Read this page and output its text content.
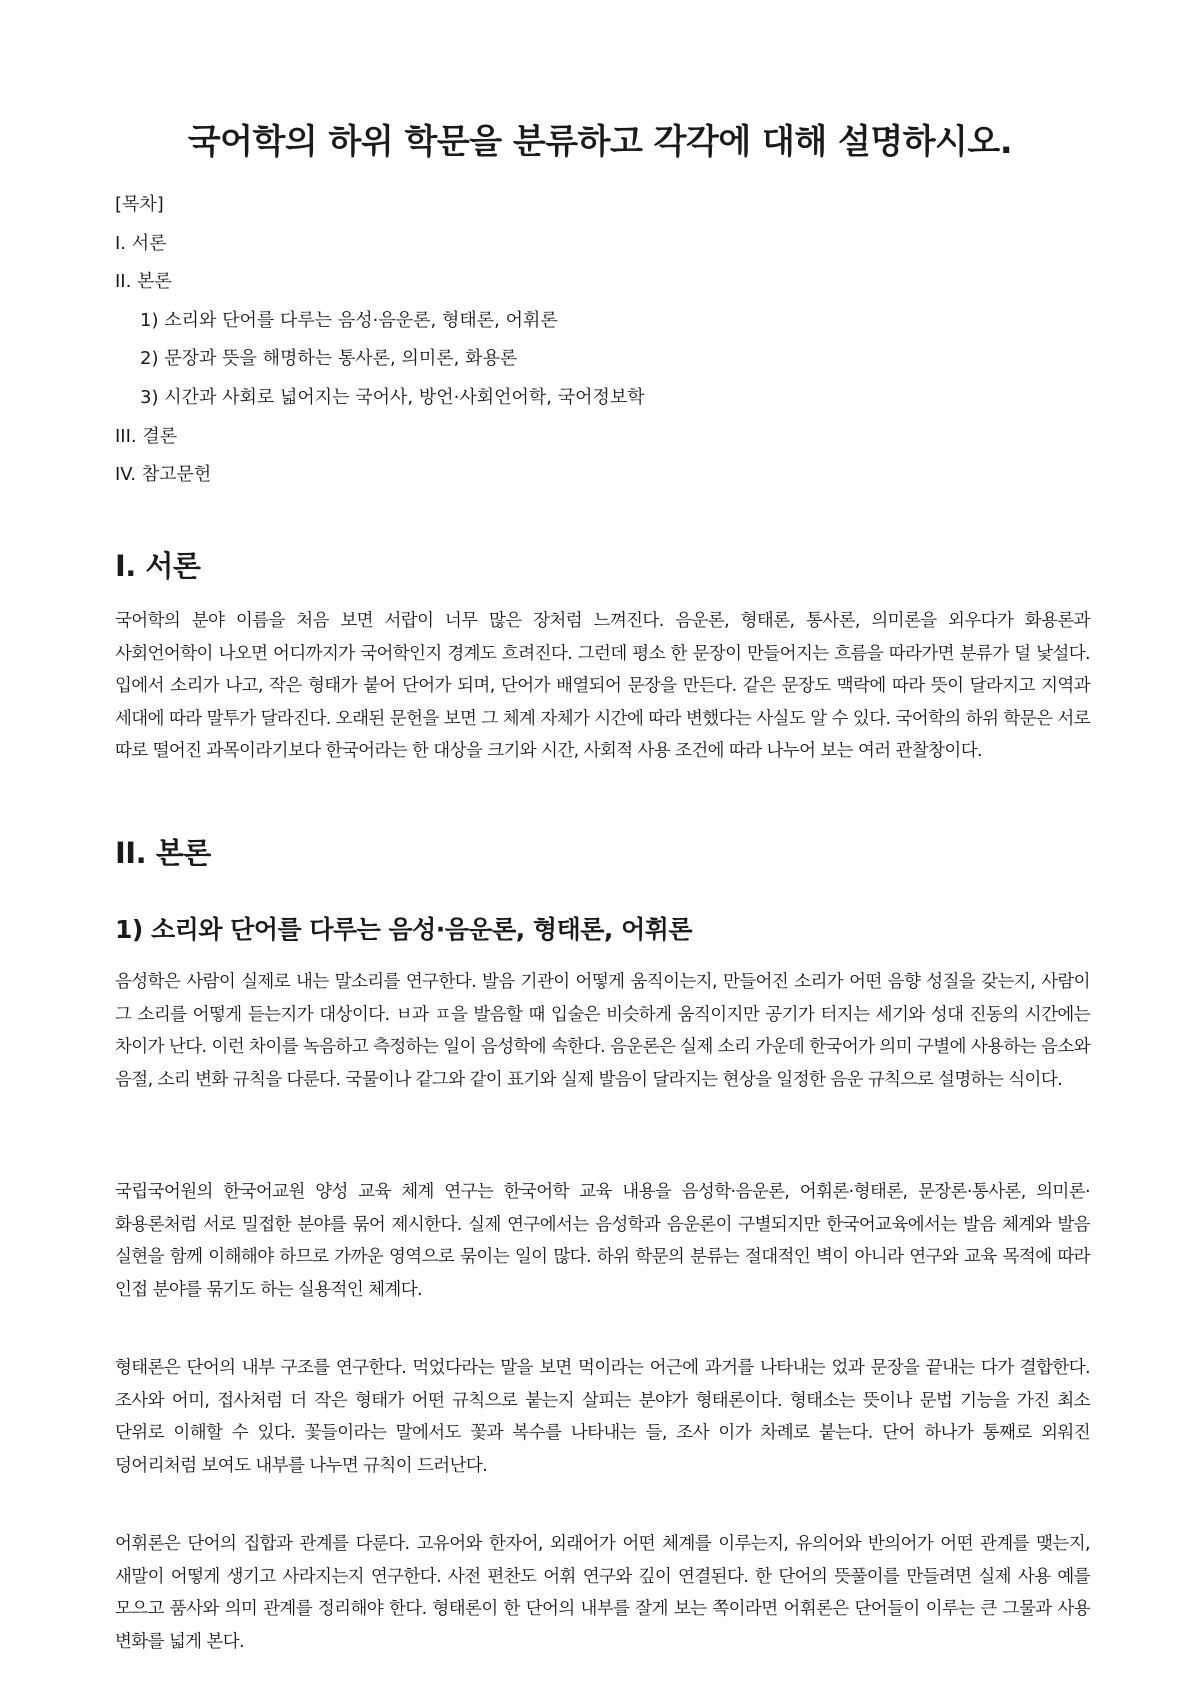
국어학의 하위 학문을 분류하고 각각에 대해 설명하시오.
[목차]
I. 서론
II. 본론
1) 소리와 단어를 다루는 음성·음운론, 형태론, 어휘론
2) 문장과 뜻을 해명하는 통사론, 의미론, 화용론
3) 시간과 사회로 넓어지는 국어사, 방언·사회언어학, 국어정보학
III. 결론
IV. 참고문헌
I. 서론

국어학의 분야 이름을 처음 보면 서랍이 너무 많은 장처럼 느껴진다. 음운론, 형태론, 통사론, 의미론을 외우다가 화용론과 사회언어학이 나오면 어디까지가 국어학인지 경계도 흐려진다. 그런데 평소 한 문장이 만들어지는 흐름을 따라가면 분류가 덜 낯설다. 입에서 소리가 나고, 작은 형태가 붙어 단어가 되며, 단어가 배열되어 문장을 만든다. 같은 문장도 맥락에 따라 뜻이 달라지고 지역과 세대에 따라 말투가 달라진다. 오래된 문헌을 보면 그 체계 자체가 시간에 따라 변했다는 사실도 알 수 있다. 국어학의 하위 학문은 서로 따로 떨어진 과목이라기보다 한국어라는 한 대상을 크기와 시간, 사회적 사용 조건에 따라 나누어 보는 여러 관찰창이다.

II. 본론
1) 소리와 단어를 다루는 음성·음운론, 형태론, 어휘론

음성학은 사람이 실제로 내는 말소리를 연구한다. 발음 기관이 어떻게 움직이는지, 만들어진 소리가 어떤 음향 성질을 갖는지, 사람이 그 소리를 어떻게 듣는지가 대상이다. ㅂ과 ㅍ을 발음할 때 입술은 비슷하게 움직이지만 공기가 터지는 세기와 성대 진동의 시간에는 차이가 난다. 이런 차이를 녹음하고 측정하는 일이 음성학에 속한다. 음운론은 실제 소리 가운데 한국어가 의미 구별에 사용하는 음소와 음절, 소리 변화 규칙을 다룬다. 국물이나 같그와 같이 표기와 실제 발음이 달라지는 현상을 일정한 음운 규칙으로 설명하는 식이다.

국립국어원의 한국어교원 양성 교육 체계 연구는 한국어학 교육 내용을 음성학·음운론, 어휘론·형태론, 문장론·통사론, 의미론·화용론처럼 서로 밀접한 분야를 묶어 제시한다. 실제 연구에서는 음성학과 음운론이 구별되지만 한국어교육에서는 발음 체계와 발음 실현을 함께 이해해야 하므로 가까운 영역으로 묶이는 일이 많다. 하위 학문의 분류는 절대적인 벽이 아니라 연구와 교육 목적에 따라 인접 분야를 묶기도 하는 실용적인 체계다.

형태론은 단어의 내부 구조를 연구한다. 먹었다라는 말을 보면 먹이라는 어근에 과거를 나타내는 었과 문장을 끝내는 다가 결합한다. 조사와 어미, 접사처럼 더 작은 형태가 어떤 규칙으로 붙는지 살피는 분야가 형태론이다. 형태소는 뜻이나 문법 기능을 가진 최소 단위로 이해할 수 있다. 꽃들이라는 말에서도 꽃과 복수를 나타내는 들, 조사 이가 차례로 붙는다. 단어 하나가 통째로 외워진 덩어리처럼 보여도 내부를 나누면 규칙이 드러난다.

어휘론은 단어의 집합과 관계를 다룬다. 고유어와 한자어, 외래어가 어떤 체계를 이루는지, 유의어와 반의어가 어떤 관계를 맺는지, 새말이 어떻게 생기고 사라지는지 연구한다. 사전 편찬도 어휘 연구와 깊이 연결된다. 한 단어의 뜻풀이를 만들려면 실제 사용 예를 모으고 품사와 의미 관계를 정리해야 한다. 형태론이 한 단어의 내부를 잘게 보는 쪽이라면 어휘론은 단어들이 이루는 큰 그물과 사용 변화를 넓게 본다.
